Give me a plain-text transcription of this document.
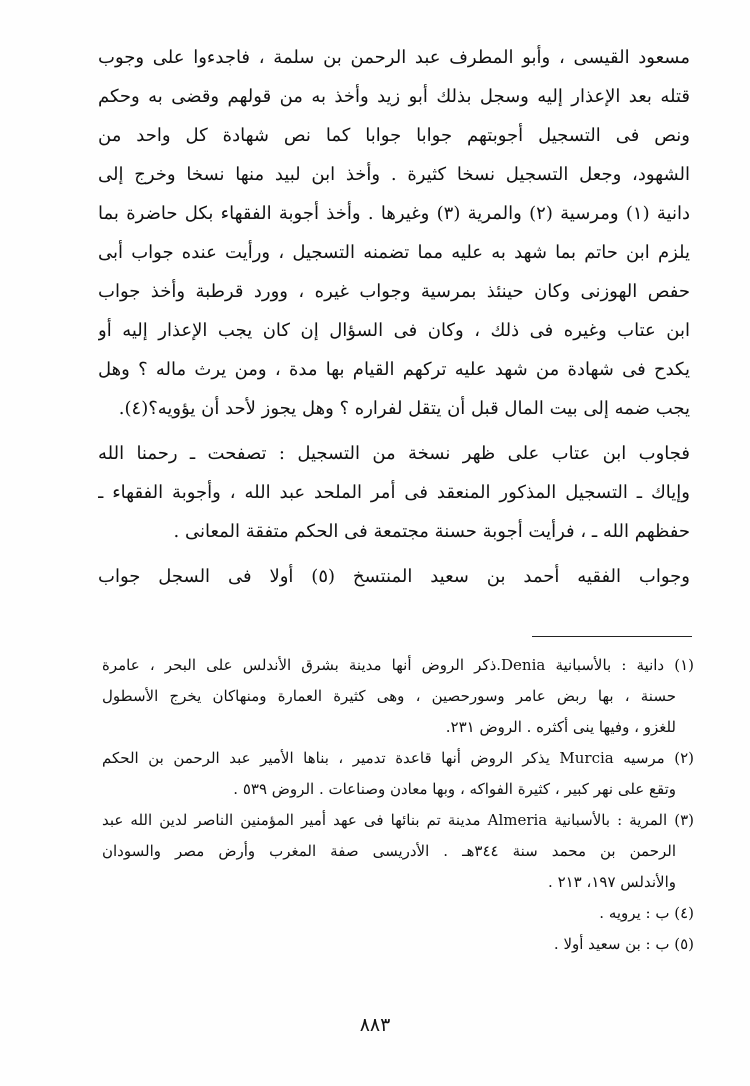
مسعود القيسى ، وأبو المطرف عبد الرحمن بن سلمة ، فاجدءوا على وجوب
قتله بعد الإعذار إليه وسجل بذلك أبو زيد وأخذ به من قولهم وقضى به وحكم
ونص فى التسجيل أجوبتهم جوابا جوابا كما نص شهادة كل واحد من
الشهود، وجعل التسجيل نسخا كثيرة . وأخذ ابن لبيد منها نسخا وخرج إلى
دانية (١) ومرسية (٢) والمرية (٣) وغيرها . وأخذ أجوبة الفقهاء بكل حاضرة بما
يلزم ابن حاتم بما شهد به عليه مما تضمنه التسجيل ، ورأيت عنده جواب أبى
حفص الهوزنى وكان حينئذ بمرسية وجواب غيره ، وورد قرطبة وأخذ جواب
ابن عتاب وغيره فى ذلك ، وكان فى السؤال إن كان يجب الإعذار إليه أو
يكدح فى شهادة من شهد عليه تركهم القيام بها مدة ، ومن يرث ماله ؟ وهل
يجب ضمه إلى بيت المال قبل أن يتقل لفراره ؟ وهل يجوز لأحد أن يؤويه؟(٤).
فجاوب ابن عتاب على ظهر نسخة من التسجيل : تصفحت ـ رحمنا الله
وإياك ـ التسجيل المذكور المنعقد فى أمر الملحد عبد الله ، وأجوبة الفقهاء ـ
حفظهم الله ـ ، فرأيت أجوبة حسنة مجتمعة فى الحكم متفقة المعانى .
وجواب الفقيه أحمد بن سعيد المنتسخ (٥) أولا فى السجل جواب
(١) دانية : بالأسبانية Denia.ذكر الروض أنها مدينة بشرق الأندلس على البحر ، عامرة
حسنة ، بها ربض عامر وسورحصين ، وهى كثيرة العمارة ومنهاكان يخرج الأسطول
للغزو ، وفيها ينى أكثره . الروض ٢٣١.
(٢) مرسيه Murcia يذكر الروض أنها قاعدة تدمير ، بناها الأمير عبد الرحمن بن الحكم
وتقع على نهر كبير ، كثيرة الفواكه ، وبها معادن وصناعات . الروض ٥٣٩ .
(٣) المرية : بالأسبانية Almeria مدينة تم بنائها فى عهد أمير المؤمنين الناصر لدين الله عبد
الرحمن بن محمد سنة ٣٤٤هـ . الأدريسى صفة المغرب وأرض مصر والسودان
والأندلس ١٩٧، ٢١٣ .
(٤) ب : يرويه .
(٥) ب : بن سعيد أولا .
٨٨٣
